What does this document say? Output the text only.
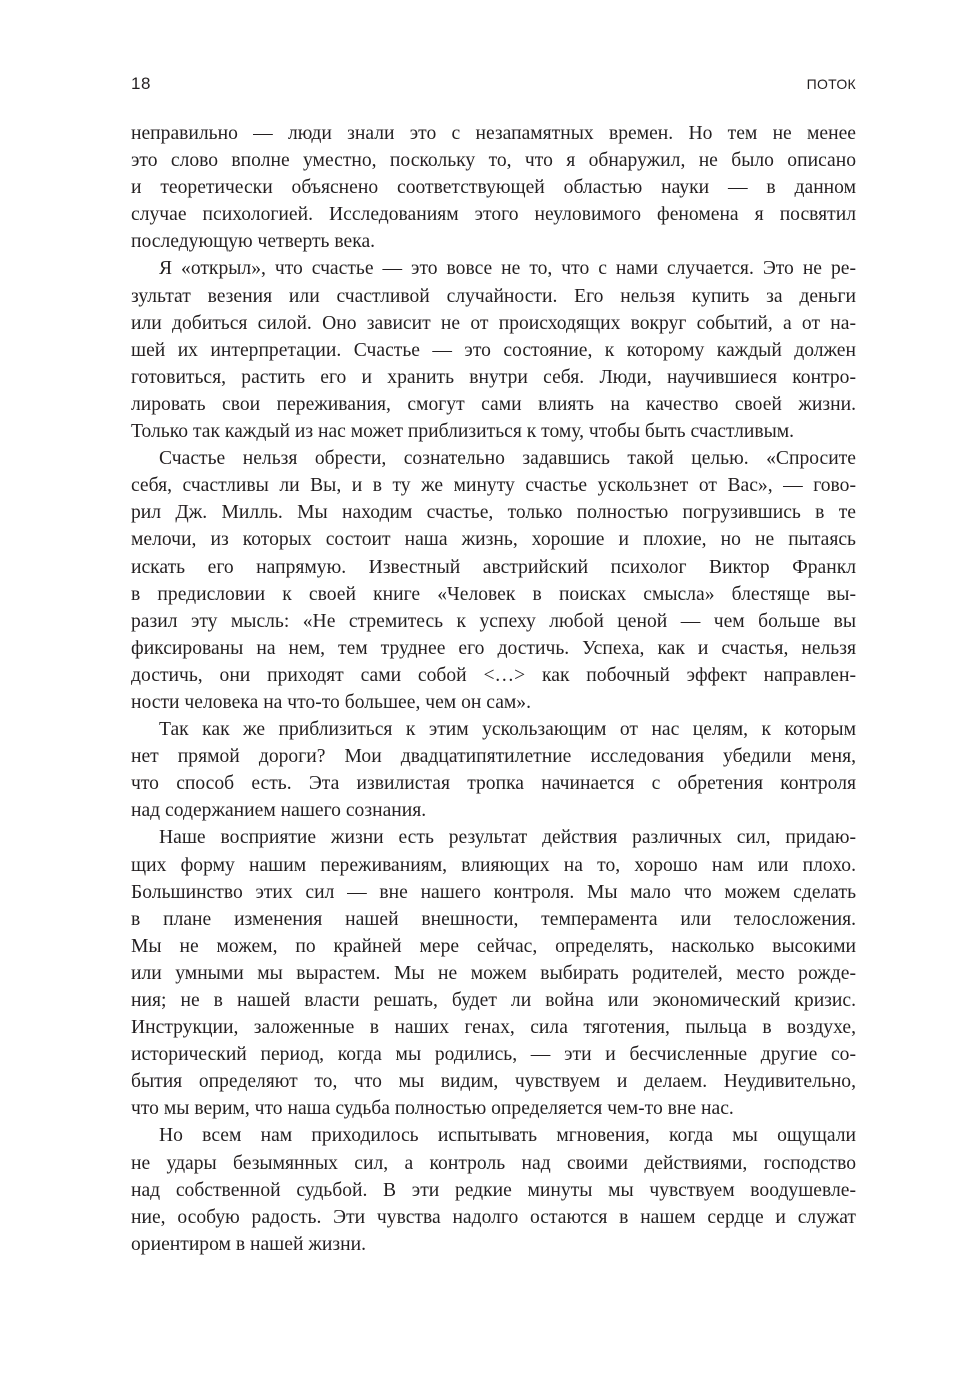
18	ПОТОК
неправильно — люди знали это с незапамятных времен. Но тем не менее
это слово вполне уместно, поскольку то, что я обнаружил, не было описано
и теоретически объяснено соответствующей областью науки — в данном
случае психологией. Исследованиям этого неуловимого феномена я посвятил
последующую четверть века.
Я «открыл», что счастье — это вовсе не то, что с нами случается. Это не ре-
зультат везения или счастливой случайности. Его нельзя купить за деньги
или добиться силой. Оно зависит не от происходящих вокруг событий, а от на-
шей их интерпретации. Счастье — это состояние, к которому каждый должен
готовиться, растить его и хранить внутри себя. Люди, научившиеся контро-
лировать свои переживания, смогут сами влиять на качество своей жизни.
Только так каждый из нас может приблизиться к тому, чтобы быть счастливым.
Счастье нельзя обрести, сознательно задавшись такой целью. «Спросите
себя, счастливы ли Вы, и в ту же минуту счастье ускользнет от Вас», — гово-
рил Дж. Милль. Мы находим счастье, только полностью погрузившись в те
мелочи, из которых состоит наша жизнь, хорошие и плохие, но не пытаясь
искать его напрямую. Известный австрийский психолог Виктор Франкл
в предисловии к своей книге «Человек в поисках смысла» блестяще вы-
разил эту мысль: «Не стремитесь к успеху любой ценой — чем больше вы
фиксированы на нем, тем труднее его достичь. Успеха, как и счастья, нельзя
достичь, они приходят сами собой <…> как побочный эффект направлен-
ности человека на что-то большее, чем он сам».
Так как же приблизиться к этим ускользающим от нас целям, к которым
нет прямой дороги? Мои двадцатипятилетние исследования убедили меня,
что способ есть. Эта извилистая тропка начинается с обретения контроля
над содержанием нашего сознания.
Наше восприятие жизни есть результат действия различных сил, придаю-
щих форму нашим переживаниям, влияющих на то, хорошо нам или плохо.
Большинство этих сил — вне нашего контроля. Мы мало что можем сделать
в плане изменения нашей внешности, темперамента или телосложения.
Мы не можем, по крайней мере сейчас, определять, насколько высокими
или умными мы вырастем. Мы не можем выбирать родителей, место рожде-
ния; не в нашей власти решать, будет ли война или экономический кризис.
Инструкции, заложенные в наших генах, сила тяготения, пыльца в воздухе,
исторический период, когда мы родились, — эти и бесчисленные другие со-
бытия определяют то, что мы видим, чувствуем и делаем. Неудивительно,
что мы верим, что наша судьба полностью определяется чем-то вне нас.
Но всем нам приходилось испытывать мгновения, когда мы ощущали
не удары безымянных сил, а контроль над своими действиями, господство
над собственной судьбой. В эти редкие минуты мы чувствуем воодушевле-
ние, особую радость. Эти чувства надолго остаются в нашем сердце и служат
ориентиром в нашей жизни.
